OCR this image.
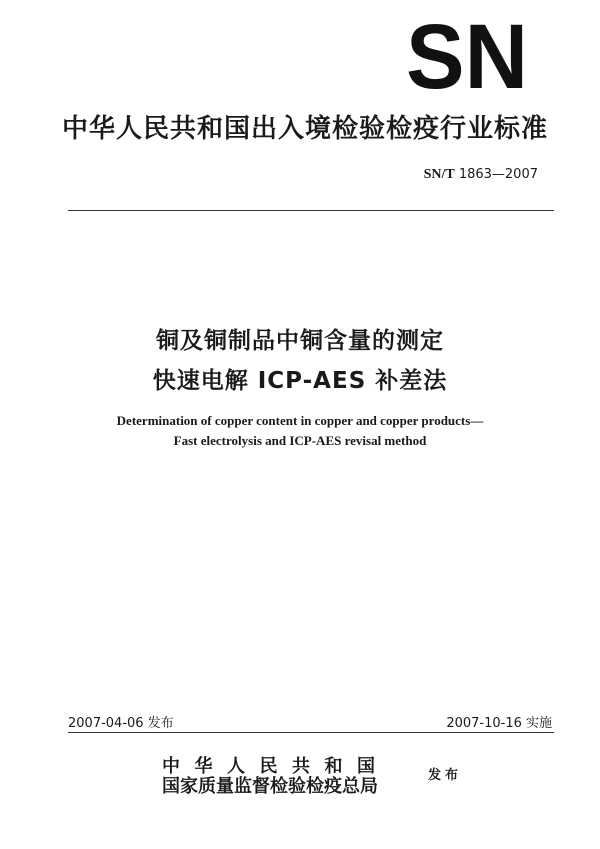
SN
中华人民共和国出入境检验检疫行业标准
SN/T 1863—2007
铜及铜制品中铜含量的测定
快速电解 ICP-AES 补差法
Determination of copper content in copper and copper products—
Fast electrolysis and ICP-AES revisal method
2007-04-06 发布	2007-10-16 实施
中华人民共和国
国家质量监督检验检疫总局
发布
